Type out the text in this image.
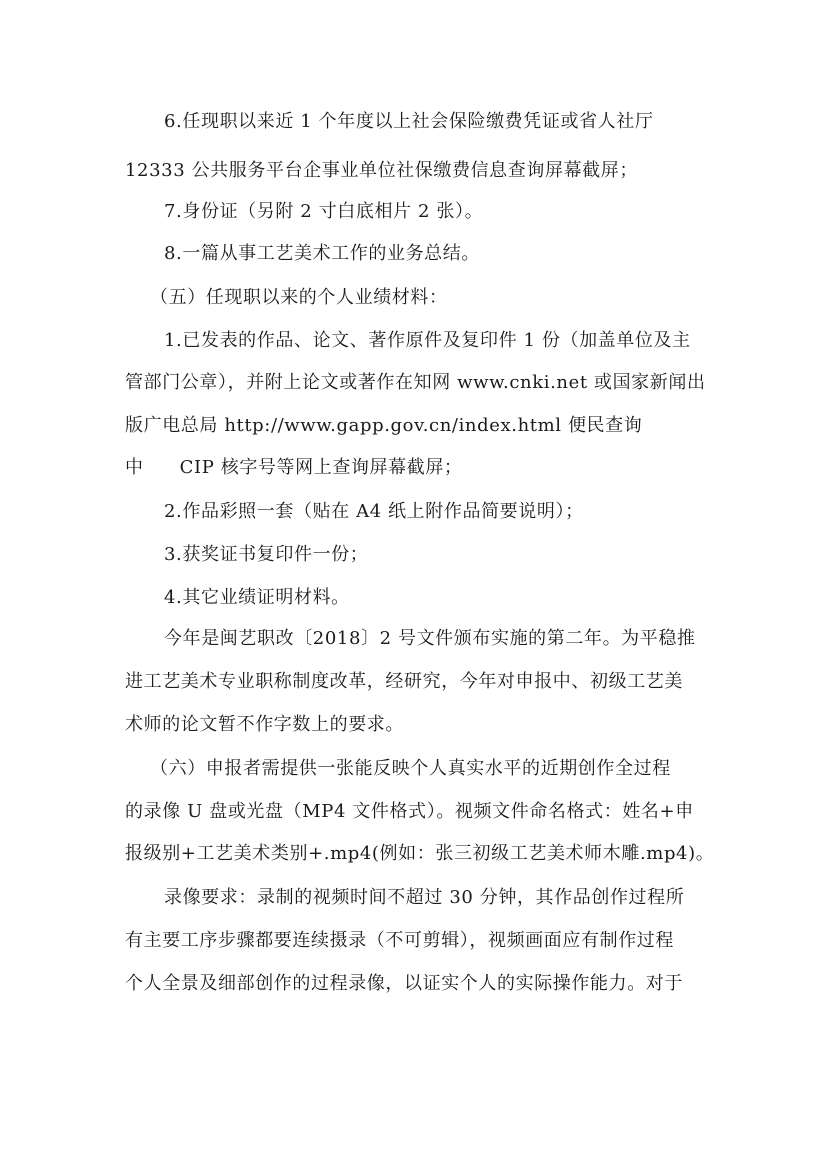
6.任现职以来近 1 个年度以上社会保险缴费凭证或省人社厅
12333 公共服务平台企事业单位社保缴费信息查询屏幕截屏；
7.身份证（另附 2 寸白底相片 2 张）。
8.一篇从事工艺美术工作的业务总结。
（五）任现职以来的个人业绩材料：
1.已发表的作品、论文、著作原件及复印件 1 份（加盖单位及主
管部门公章），并附上论文或著作在知网 www.cnki.net 或国家新闻出
版广电总局 http://www.gapp.gov.cn/index.html 便民查询
中 CIP 核字号等网上查询屏幕截屏；
2.作品彩照一套（贴在 A4 纸上附作品简要说明）；
3.获奖证书复印件一份；
4.其它业绩证明材料。
今年是闽艺职改〔2018〕2 号文件颁布实施的第二年。为平稳推
进工艺美术专业职称制度改革，经研究，今年对申报中、初级工艺美
术师的论文暂不作字数上的要求。
（六）申报者需提供一张能反映个人真实水平的近期创作全过程
的录像 U 盘或光盘（MP4 文件格式）。视频文件命名格式：姓名+申
报级别+工艺美术类别+.mp4(例如：张三初级工艺美术师木雕.mp4)。
录像要求：录制的视频时间不超过 30 分钟，其作品创作过程所
有主要工序步骤都要连续摄录（不可剪辑），视频画面应有制作过程
个人全景及细部创作的过程录像，以证实个人的实际操作能力。对于
